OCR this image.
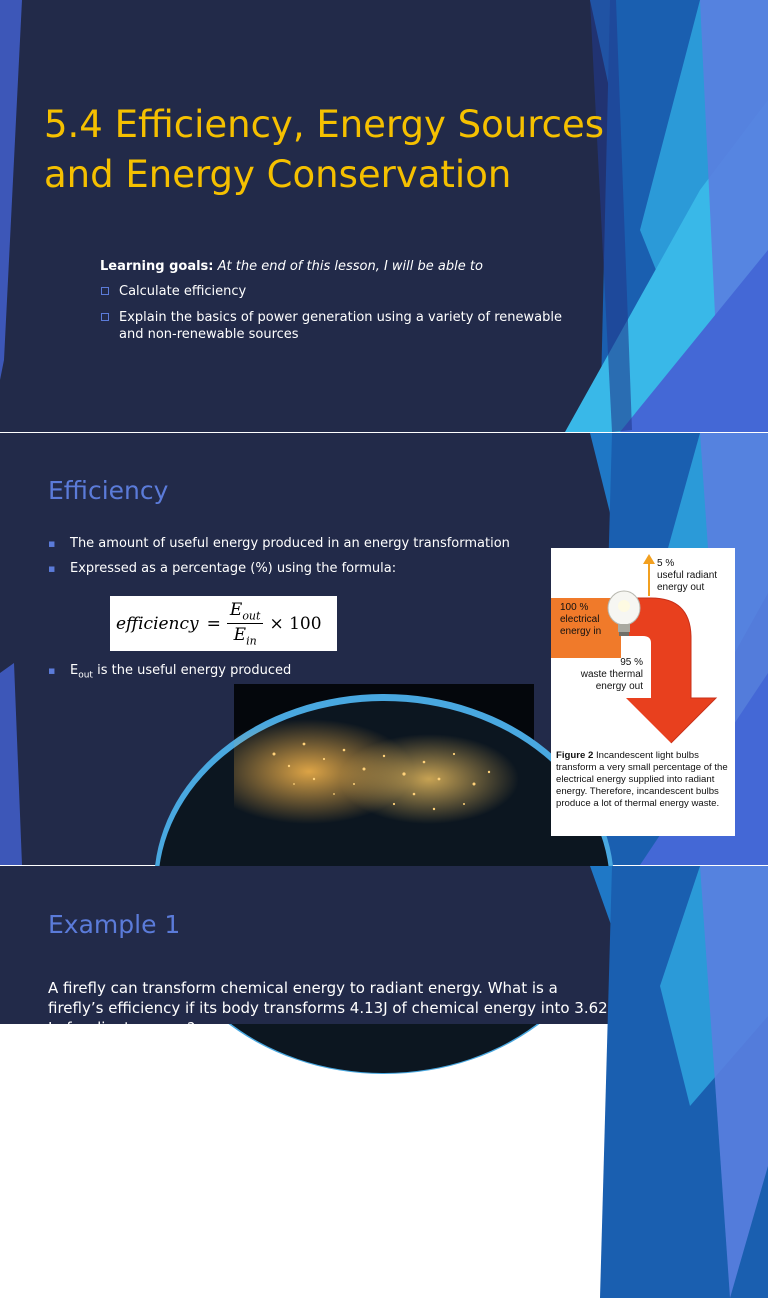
5.4 Efficiency, Energy Sources and Energy Conservation
Learning goals: At the end of this lesson, I will be able to
Calculate efficiency
Explain the basics of power generation using a variety of renewable and non-renewable sources
Efficiency
▪ The amount of useful energy produced in an energy transformation
▪ Expressed as a percentage (%) using the formula:
efficiency = $\frac{E_{out}}{E_{in}} \times 100$
▪ $E_{out}$ is the useful energy produced
5 %
useful radiant
energy out
100 %
electrical
energy in
95 %
waste thermal
energy out
Figure 2 Incandescent light bulbs transform a very small percentage of the electrical energy supplied into radiant energy. Therefore, incandescent bulbs produce a lot of thermal energy waste.
Example 1
A firefly can transform chemical energy to radiant energy. What is a firefly’s efficiency if its body transforms 4.13J of chemical energy into 3.62 J of radiant energy?
